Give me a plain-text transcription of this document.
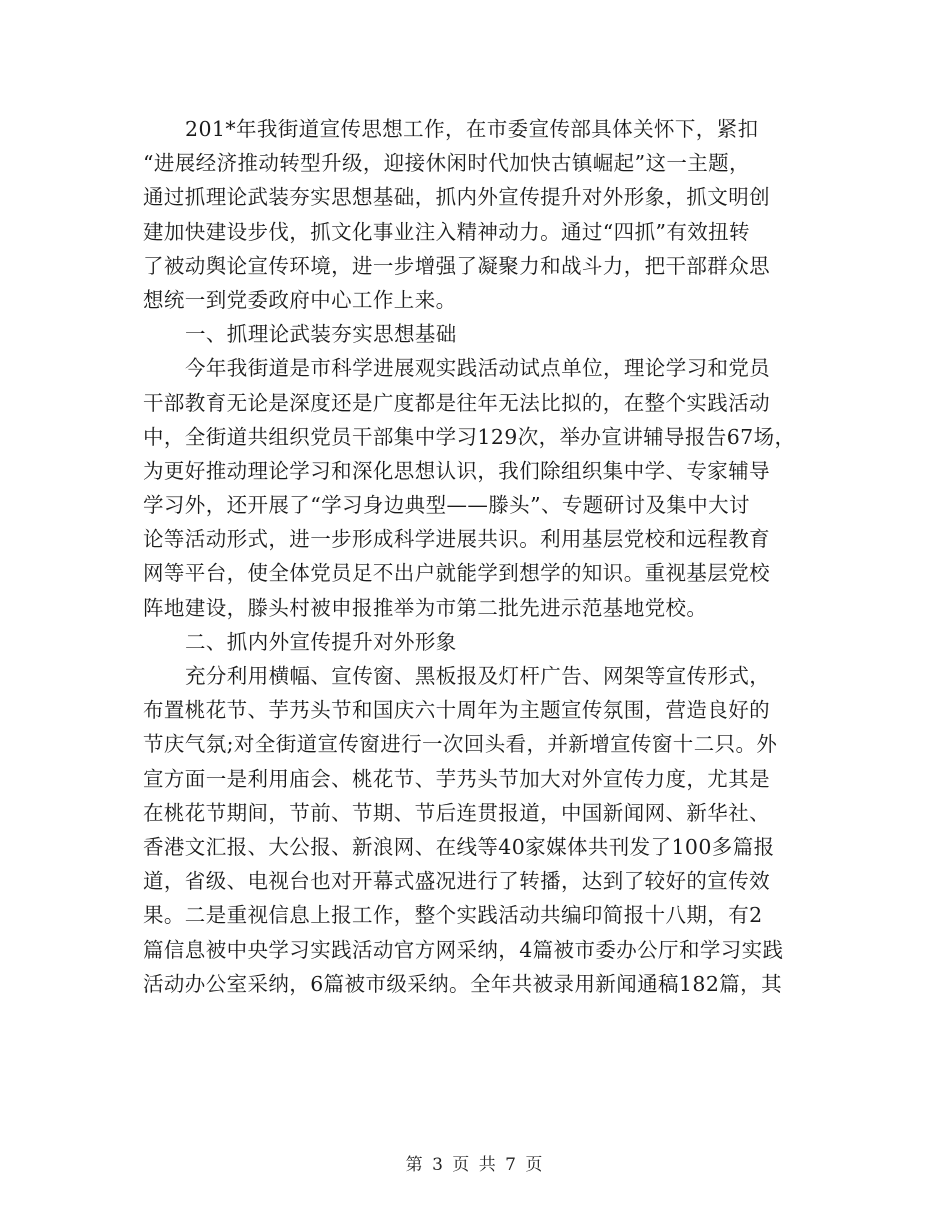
201*年我街道宣传思想工作，在市委宣传部具体关怀下，紧扣
“进展经济推动转型升级，迎接休闲时代加快古镇崛起”这一主题，
通过抓理论武装夯实思想基础，抓内外宣传提升对外形象，抓文明创
建加快建设步伐，抓文化事业注入精神动力。通过“四抓”有效扭转
了被动舆论宣传环境，进一步增强了凝聚力和战斗力，把干部群众思
想统一到党委政府中心工作上来。
一、抓理论武装夯实思想基础
今年我街道是市科学进展观实践活动试点单位，理论学习和党员
干部教育无论是深度还是广度都是往年无法比拟的，在整个实践活动
中，全街道共组织党员干部集中学习129次，举办宣讲辅导报告67场，
为更好推动理论学习和深化思想认识，我们除组织集中学、专家辅导
学习外，还开展了“学习身边典型——滕头”、专题研讨及集中大讨
论等活动形式，进一步形成科学进展共识。利用基层党校和远程教育
网等平台，使全体党员足不出户就能学到想学的知识。重视基层党校
阵地建设，滕头村被申报推举为市第二批先进示范基地党校。
二、抓内外宣传提升对外形象
充分利用横幅、宣传窗、黑板报及灯杆广告、网架等宣传形式，
布置桃花节、芋艿头节和国庆六十周年为主题宣传氛围，营造良好的
节庆气氛;对全街道宣传窗进行一次回头看，并新增宣传窗十二只。外
宣方面一是利用庙会、桃花节、芋艿头节加大对外宣传力度，尤其是
在桃花节期间，节前、节期、节后连贯报道，中国新闻网、新华社、
香港文汇报、大公报、新浪网、在线等40家媒体共刊发了100多篇报
道，省级、电视台也对开幕式盛况进行了转播，达到了较好的宣传效
果。二是重视信息上报工作，整个实践活动共编印简报十八期，有2
篇信息被中央学习实践活动官方网采纳，4篇被市委办公厅和学习实践
活动办公室采纳，6篇被市级采纳。全年共被录用新闻通稿182篇，其
第 3 页 共 7 页
